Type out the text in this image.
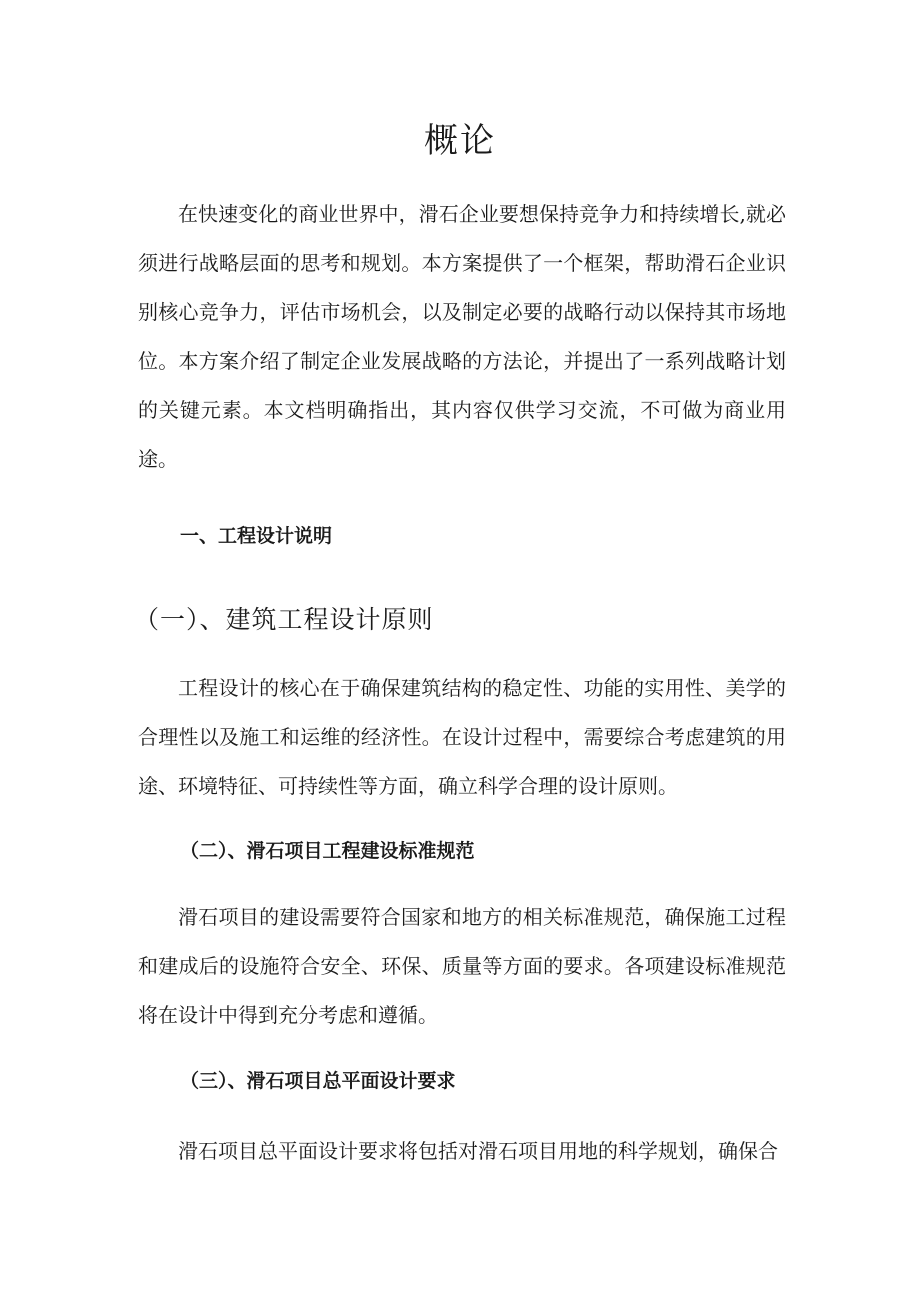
概论

在快速变化的商业世界中，滑石企业要想保持竞争力和持续增长,就必须进行战略层面的思考和规划。本方案提供了一个框架，帮助滑石企业识别核心竞争力，评估市场机会，以及制定必要的战略行动以保持其市场地位。本方案介绍了制定企业发展战略的方法论，并提出了一系列战略计划的关键元素。本文档明确指出，其内容仅供学习交流，不可做为商业用途。

一、工程设计说明
（一）、建筑工程设计原则

工程设计的核心在于确保建筑结构的稳定性、功能的实用性、美学的合理性以及施工和运维的经济性。在设计过程中，需要综合考虑建筑的用途、环境特征、可持续性等方面，确立科学合理的设计原则。

（二）、滑石项目工程建设标准规范

滑石项目的建设需要符合国家和地方的相关标准规范，确保施工过程和建成后的设施符合安全、环保、质量等方面的要求。各项建设标准规范将在设计中得到充分考虑和遵循。

（三）、滑石项目总平面设计要求

滑石项目总平面设计要求将包括对滑石项目用地的科学规划，确保合
